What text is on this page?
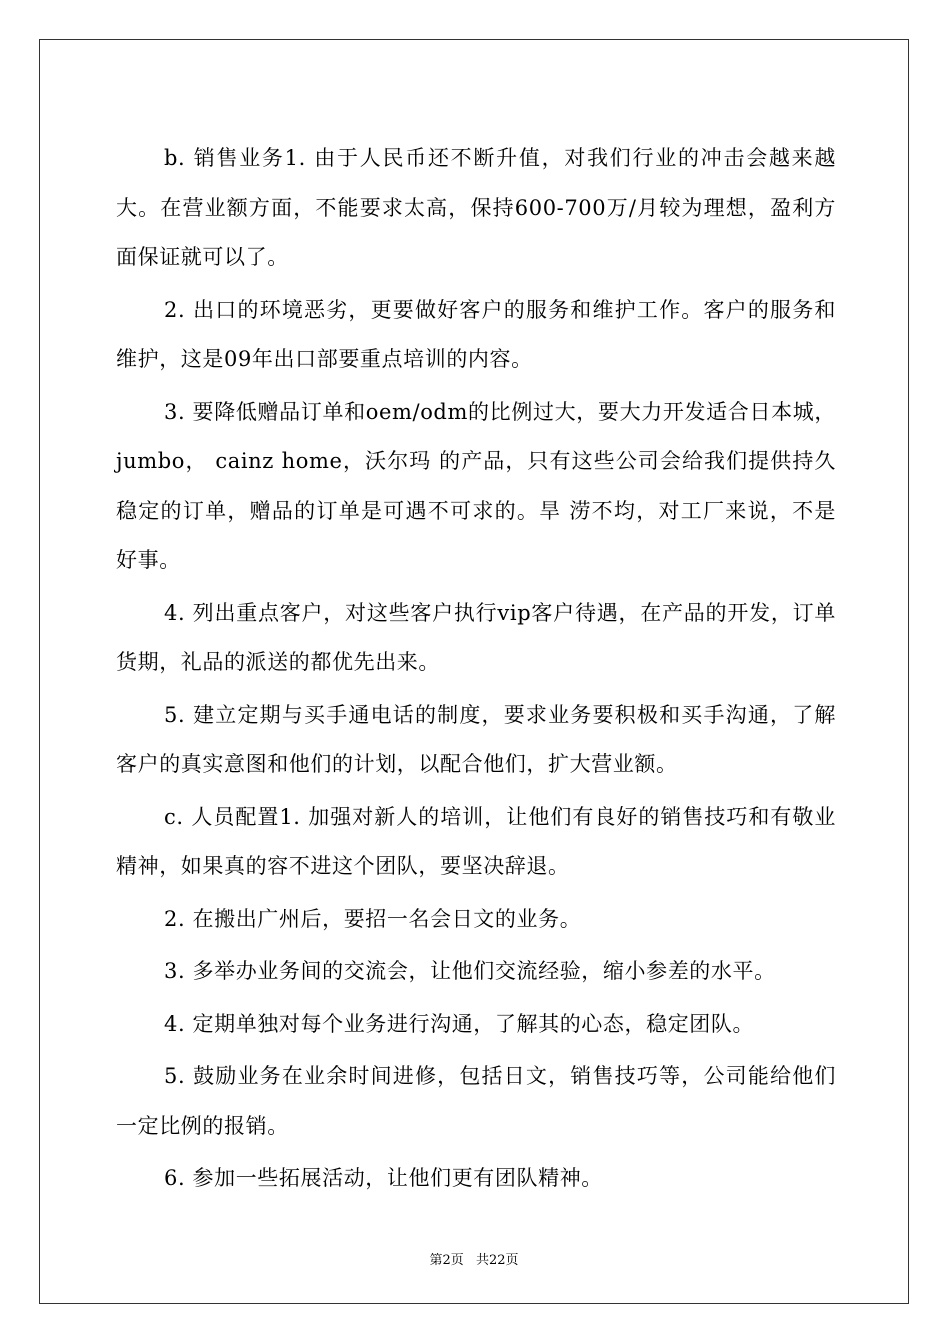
b. 销售业务1. 由于人民币还不断升值，对我们行业的冲击会越来越大。在营业额方面，不能要求太高，保持600-700万/月较为理想，盈利方面保证就可以了。

2. 出口的环境恶劣，更要做好客户的服务和维护工作。客户的服务和维护，这是09年出口部要重点培训的内容。

3. 要降低赠品订单和oem/odm的比例过大，要大力开发适合日本城，jumbo， cainz home，沃尔玛 的产品，只有这些公司会给我们提供持久稳定的订单，赠品的订单是可遇不可求的。旱 涝不均，对工厂来说，不是好事。

4. 列出重点客户，对这些客户执行vip客户待遇，在产品的开发，订单货期，礼品的派送的都优先出来。

5. 建立定期与买手通电话的制度，要求业务要积极和买手沟通，了解客户的真实意图和他们的计划，以配合他们，扩大营业额。

c. 人员配置1. 加强对新人的培训，让他们有良好的销售技巧和有敬业精神，如果真的容不进这个团队，要坚决辞退。

2. 在搬出广州后，要招一名会日文的业务。

3. 多举办业务间的交流会，让他们交流经验，缩小参差的水平。

4. 定期单独对每个业务进行沟通，了解其的心态，稳定团队。

5. 鼓励业务在业余时间进修，包括日文，销售技巧等，公司能给他们一定比例的报销。

6. 参加一些拓展活动，让他们更有团队精神。

第2页 共22页
